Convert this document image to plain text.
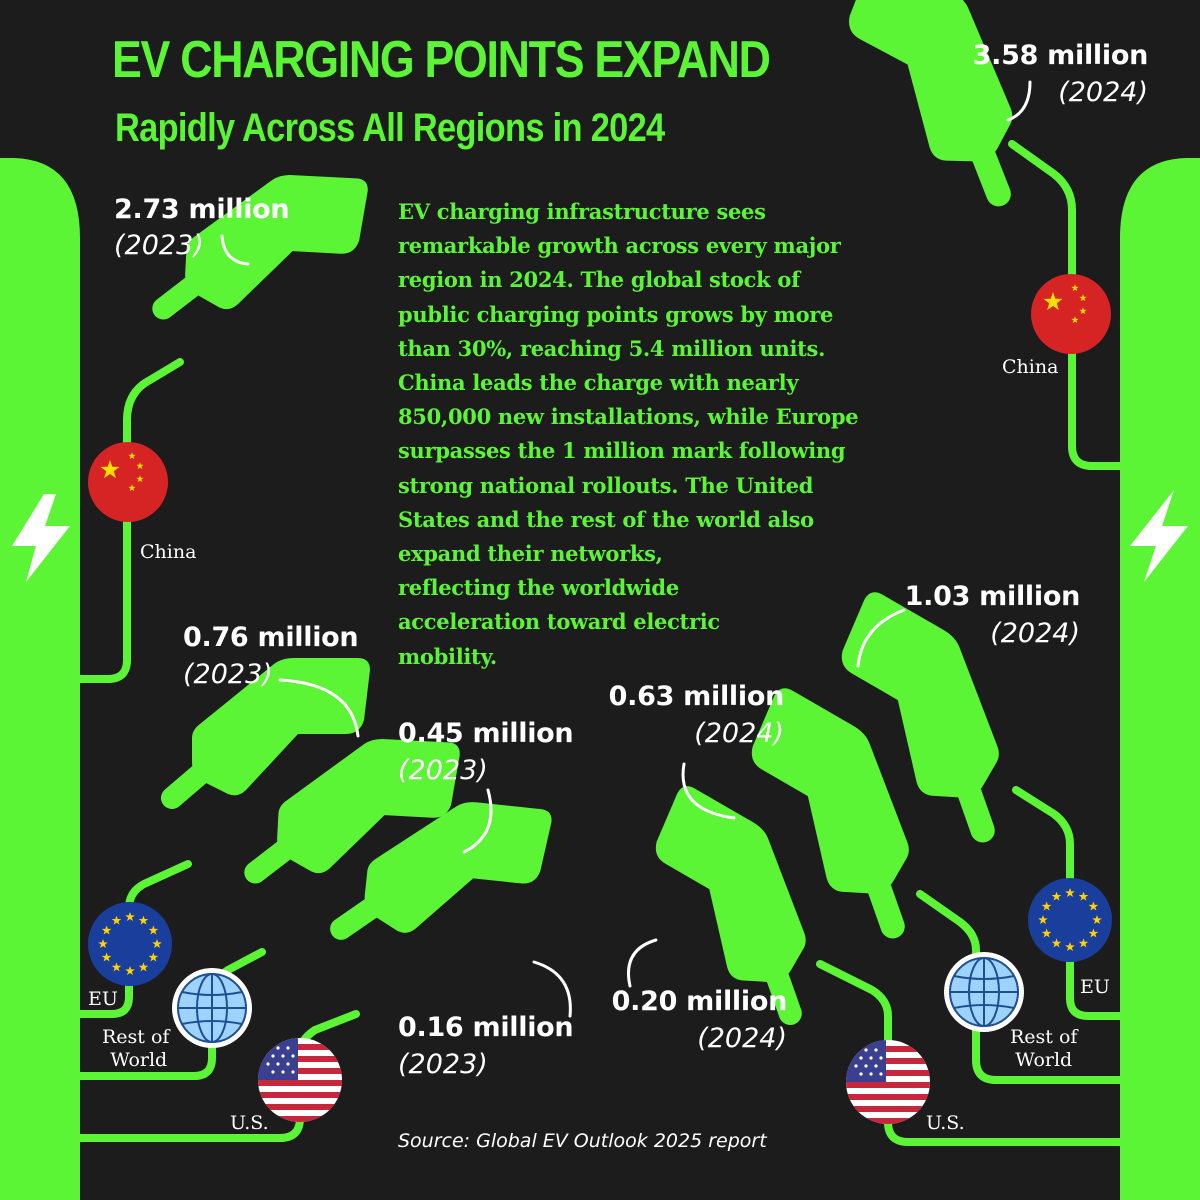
EV CHARGING POINTS EXPAND
Rapidly Across All Regions in 2024
EV charging infrastructure sees
remarkable growth across every major
region in 2024. The global stock of
public charging points grows by more
than 30%, reaching 5.4 million units.
China leads the charge with nearly
850,000 new installations, while Europe
surpasses the 1 million mark following
strong national rollouts. The United
States and the rest of the world also
expand their networks,
reflecting the worldwide
acceleration toward electric
mobility.
2.73 million
(2023)
0.76 million
(2023)
0.45 million
(2023)
0.16 million
(2023)
3.58 million
(2024)
1.03 million
(2024)
0.63 million
(2024)
0.20 million
(2024)
China
China
EU
EU
Rest of
World
Rest of
World
U.S.	U.S.
Source: Global EV Outlook 2025 report
